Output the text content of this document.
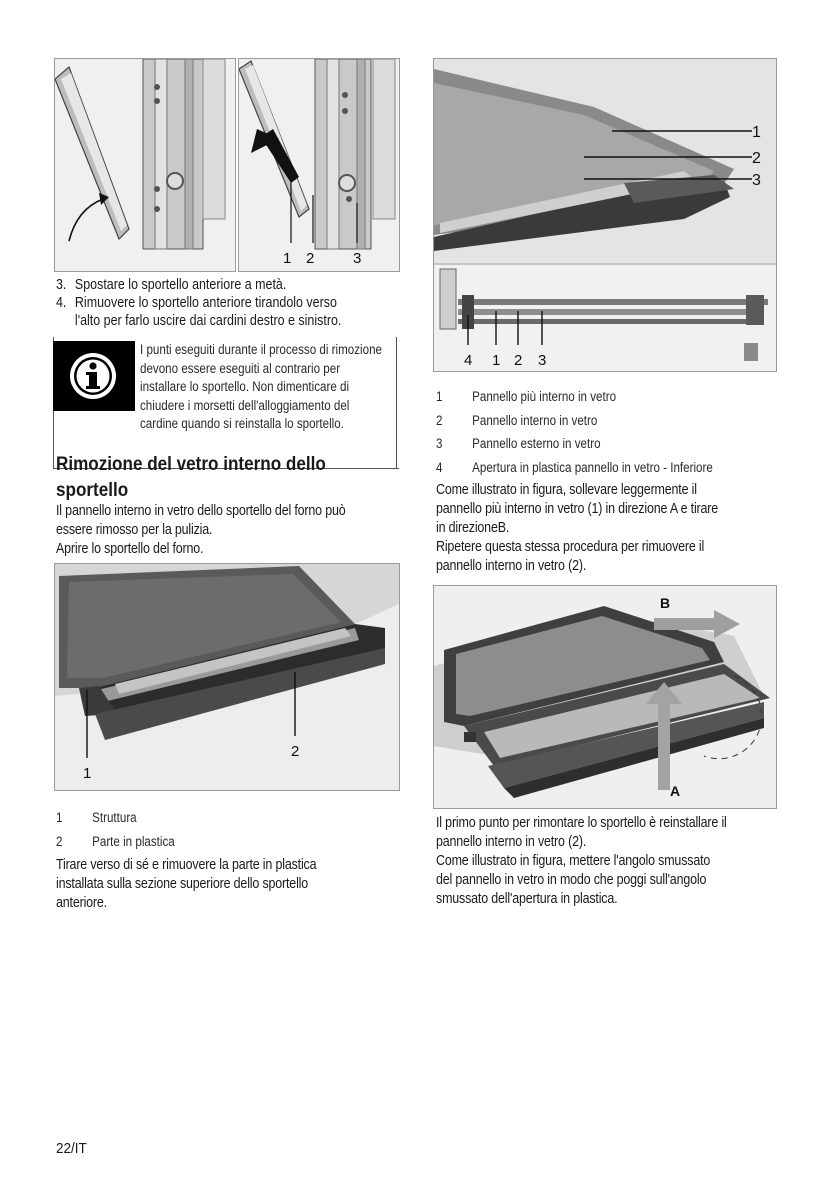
1 2	3
3. Spostare lo sportello anteriore a metà.
4. Rimuovere lo sportello anteriore tirandolo verso
l'alto per farlo uscire dai cardini destro e sinistro.
I punti eseguiti durante il processo di rimozione
devono essere eseguiti al contrario per
installare lo sportello. Non dimenticare di
chiudere i morsetti dell'alloggiamento del
cardine quando si reinstalla lo sportello.
Rimozione del vetro interno dello
sportello
Il pannello interno in vetro dello sportello del forno può
essere rimosso per la pulizia.
Aprire lo sportello del forno.
2
1
1 Struttura
2 Parte in plastica
Tirare verso di sé e rimuovere la parte in plastica
installata sulla sezione superiore dello sportello
anteriore.
1
2
3
4 1 2 3
1 Pannello più interno in vetro
2 Pannello interno in vetro
3 Pannello esterno in vetro
4 Apertura in plastica pannello in vetro - Inferiore
Come illustrato in figura, sollevare leggermente il
pannello più interno in vetro (1) in direzione A e tirare
in direzioneB.
Ripetere questa stessa procedura per rimuovere il
pannello interno in vetro (2).
B
A
Il primo punto per rimontare lo sportello è reinstallare il
pannello interno in vetro (2).
Come illustrato in figura, mettere l'angolo smussato
del pannello in vetro in modo che poggi sull'angolo
smussato dell'apertura in plastica.
22/IT
